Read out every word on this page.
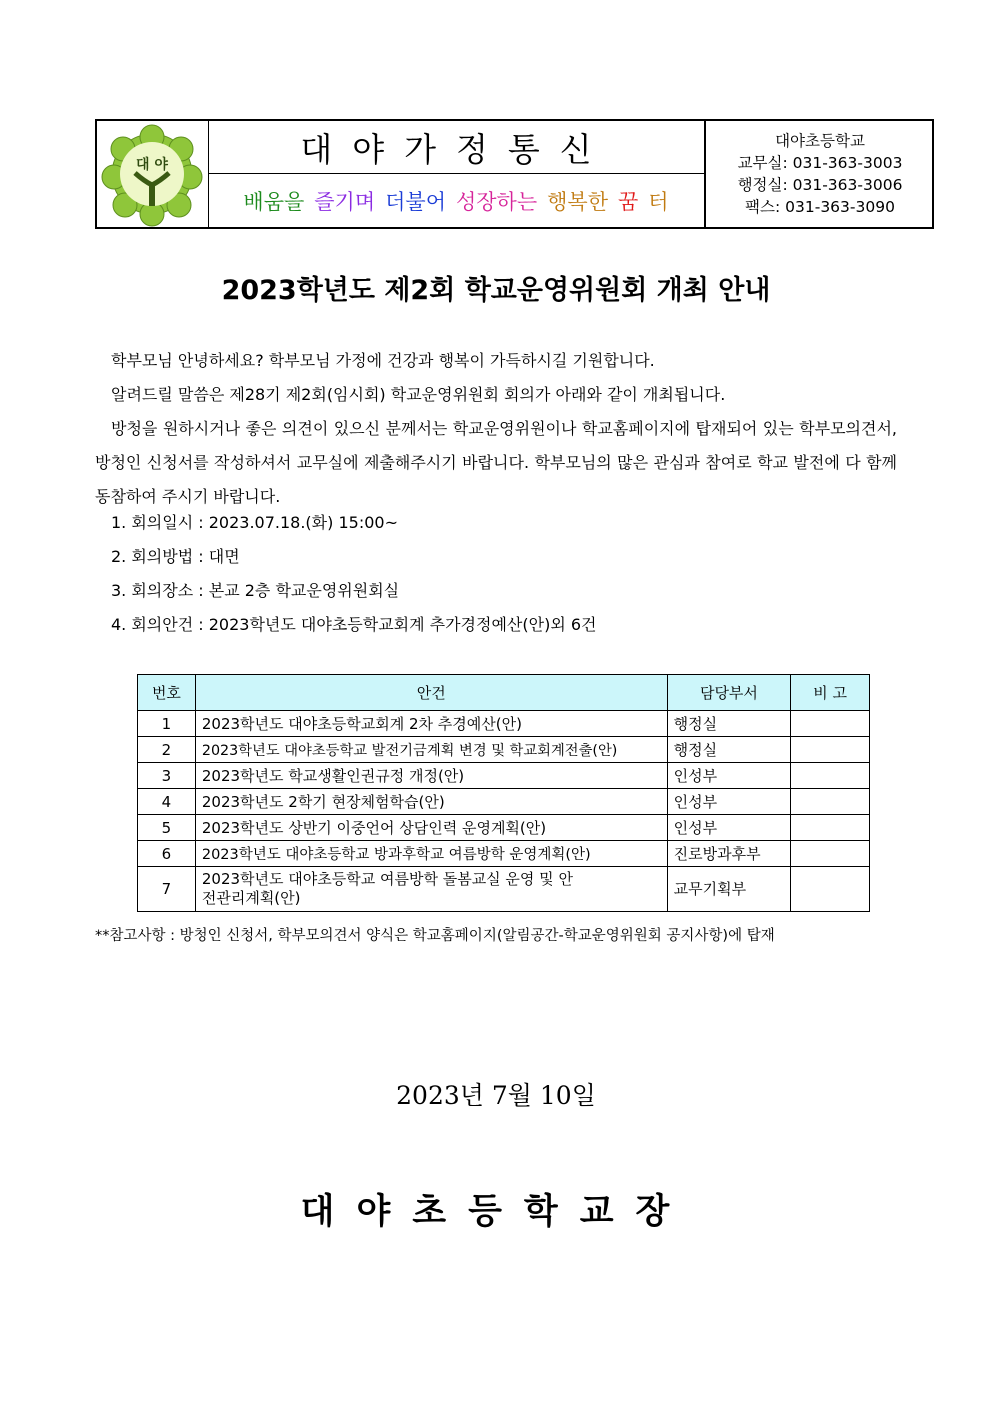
대 야	대야가정통신
배움을 즐기며 더불어 성장하는 행복한 꿈 터
대야초등학교
교무실: 031-363-3003
행정실: 031-363-3006
팩스: 031-363-3090
2023학년도 제2회 학교운영위원회 개최 안내
학부모님 안녕하세요? 학부모님 가정에 건강과 행복이 가득하시길 기원합니다.
알려드릴 말씀은 제28기 제2회(임시회) 학교운영위원회 회의가 아래와 같이 개최됩니다.
방청을 원하시거나 좋은 의견이 있으신 분께서는 학교운영위원이나 학교홈페이지에 탑재되어 있는 학부모의견서, 방청인 신청서를 작성하셔서 교무실에 제출해주시기 바랍니다. 학부모님의 많은 관심과 참여로 학교 발전에 다 함께 동참하여 주시기 바랍니다.
1. 회의일시 : 2023.07.18.(화) 15:00~
2. 회의방법 : 대면
3. 회의장소 : 본교 2층 학교운영위원회실
4. 회의안건 : 2023학년도 대야초등학교회계 추가경정예산(안)외 6건
번호	안건	담당부서	비 고
1	2023학년도 대야초등학교회계 2차 추경예산(안)	행정실	
2	2023학년도 대야초등학교 발전기금계획 변경 및 학교회계전출(안)	행정실	
3	2023학년도 학교생활인권규정 개정(안)	인성부	
4	2023학년도 2학기 현장체험학습(안)	인성부	
5	2023학년도 상반기 이중언어 상담인력 운영계획(안)	인성부	
6	2023학년도 대야초등학교 방과후학교 여름방학 운영계획(안)	진로방과후부	
7	2023학년도 대야초등학교 여름방학 돌봄교실 운영 및 안전관리계획(안)	교무기획부	
**참고사항 : 방청인 신청서, 학부모의견서 양식은 학교홈페이지(알림공간-학교운영위원회 공지사항)에 탑재
2023년 7월 10일
대야초등학교장
